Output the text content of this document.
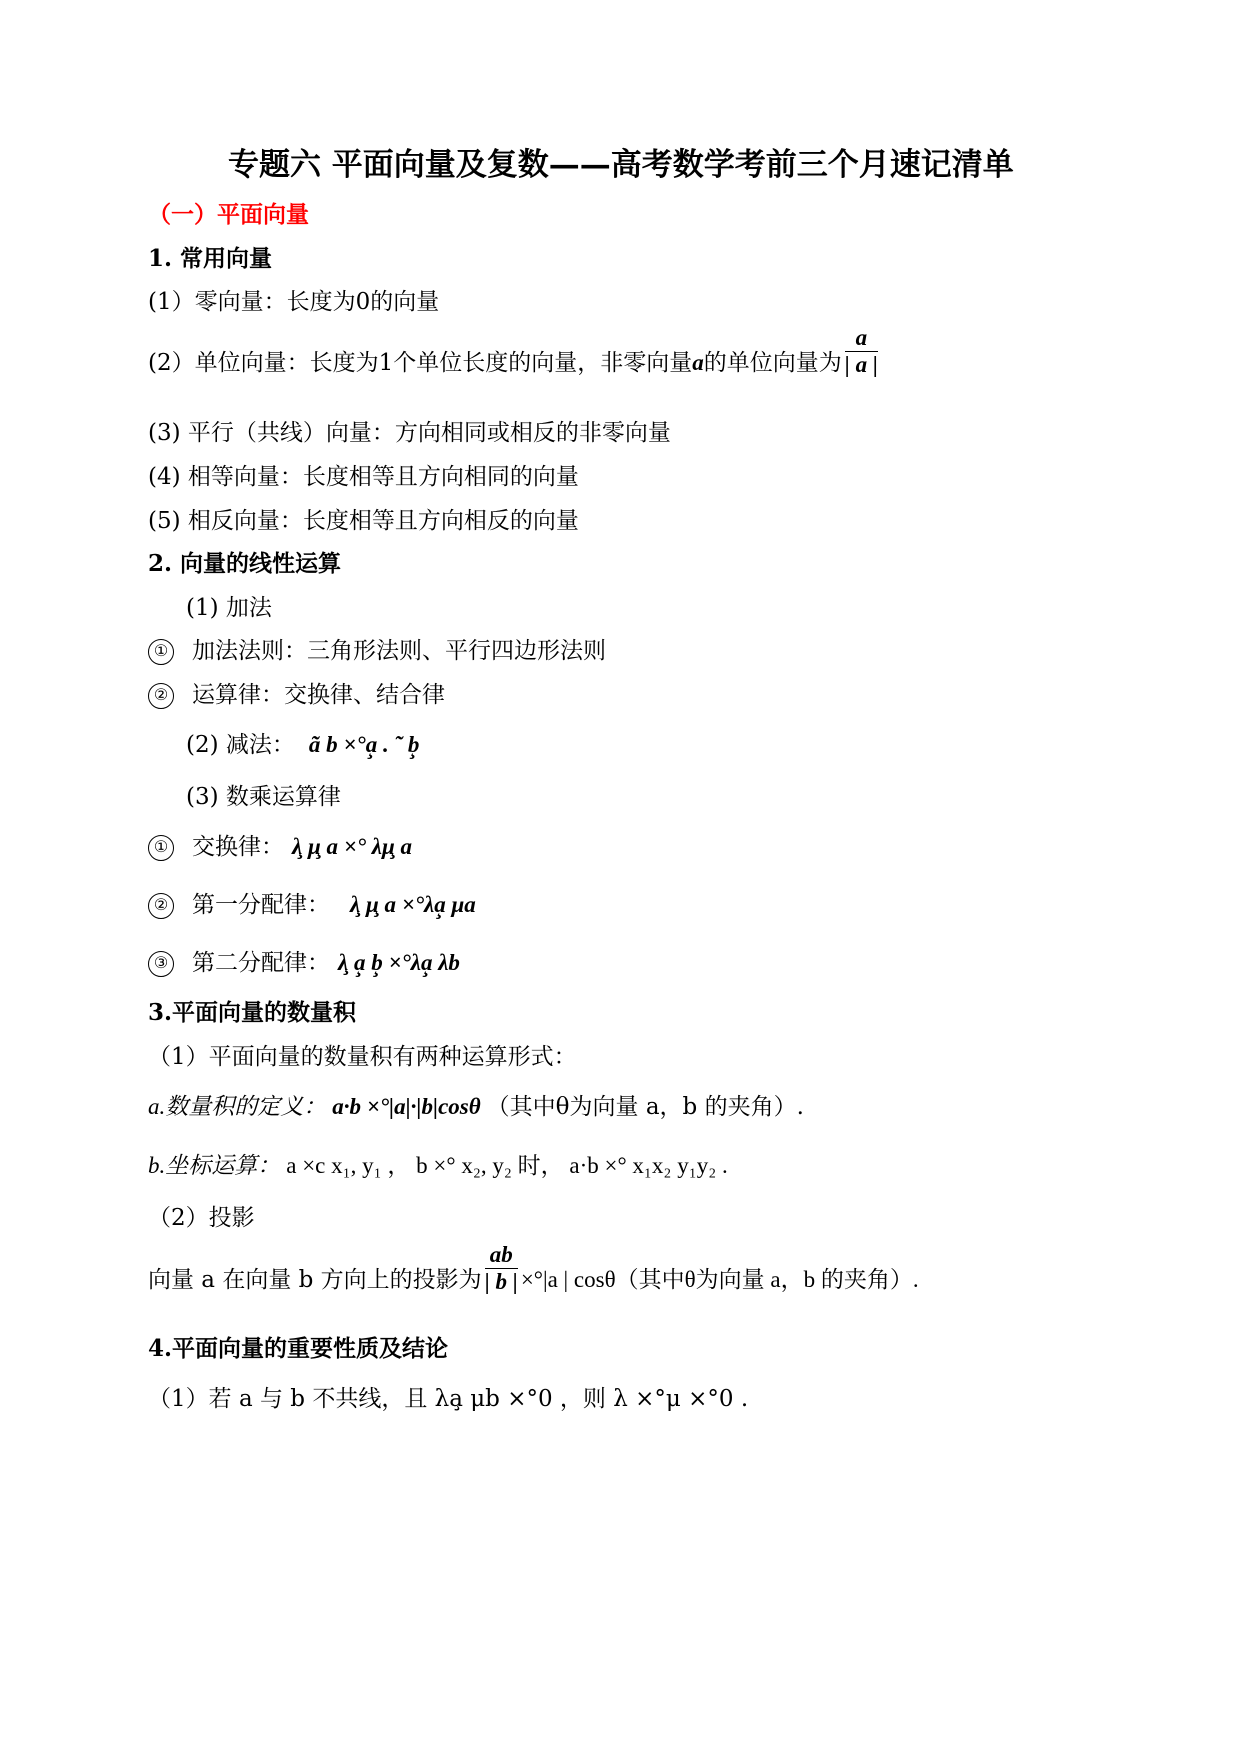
专题六 平面向量及复数——高考数学考前三个月速记清单
（一）平面向量
1. 常用向量
(1）零向量：长度为0的向量
(2）单位向量：长度为1个单位长度的向量，非零向量a的单位向量为 $\frac{a}{| a |}$
(3) 平行（共线）向量：方向相同或相反的非零向量
(4) 相等向量：长度相等且方向相同的向量
(5) 相反向量：长度相等且方向相反的向量
2. 向量的线性运算
(1) 加法
① 加法法则：三角形法则、平行四边形法则
② 运算律：交换律、结合律
(2) 减法： ã b ×°a̧ . ˜ b̧
(3) 数乘运算律
① 交换律： λ̧ μ̧ a ×° λμ̧ a
② 第一分配律： λ̧ μ̧ a ×°λa̧ μa
③ 第二分配律： λ̧ a̧ b̧ ×°λa̧ λb
3.平面向量的数量积
（1）平面向量的数量积有两种运算形式：
a.数量积的定义： a·b ×°|a|·|b|cosθ （其中θ为向量 a，b 的夹角）.
b.坐标运算： a ×c x₁, y₁ ， b ×° x₂, y₂ 时， a·b ×° x₁x₂ y₁y₂ .
（2）投影
向量 a 在向量 b 方向上的投影为 $\frac{ab}{| b |} \times^\circ|a$ | cosθ（其中θ为向量 a，b 的夹角）.
4.平面向量的重要性质及结论
（1）若 a 与 b 不共线，且 λa̧ μb ×°0 ，则 λ ×°μ ×°0 .
